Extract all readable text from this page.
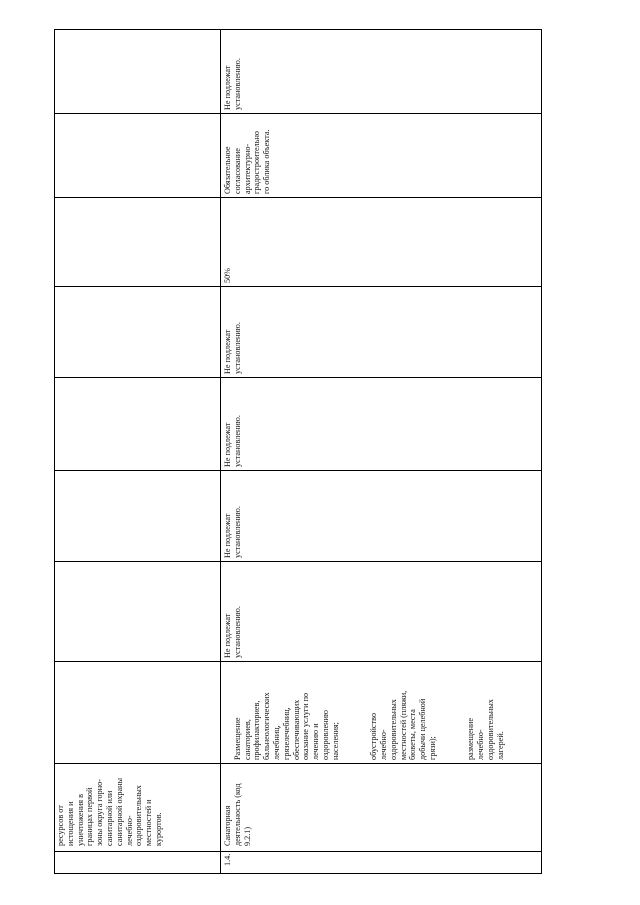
ресурсов от
истощения и
уничтожения в
границах первой
зоны округа горно-
санитарной или
санитарной охраны
лечебно-
оздоровительных
местностей и
курортов.
1.4.
Санаторная
деятельность (код
9.2.1)

Размещение
санаториев,
профилакториев,
бальнеологических
лечебниц,
грязелечебниц,
обеспечивающих
оказание услуги по
лечению и
оздоровлению
населения;	обустройство
лечебно-
оздоровительных
местностей (пляжи,
бюветы, места
добычи целебной
грязи);	размещение
лечебно-
оздоровительных
лагерей.

Не подлежат
установлению.
Не подлежат
установлению.
Не подлежат
установлению.
Не подлежат
установлению.
50%
Обязательное
согласование
архитектурно-
градостроительно
го облика объекта.
Не подлежат
установлению.
